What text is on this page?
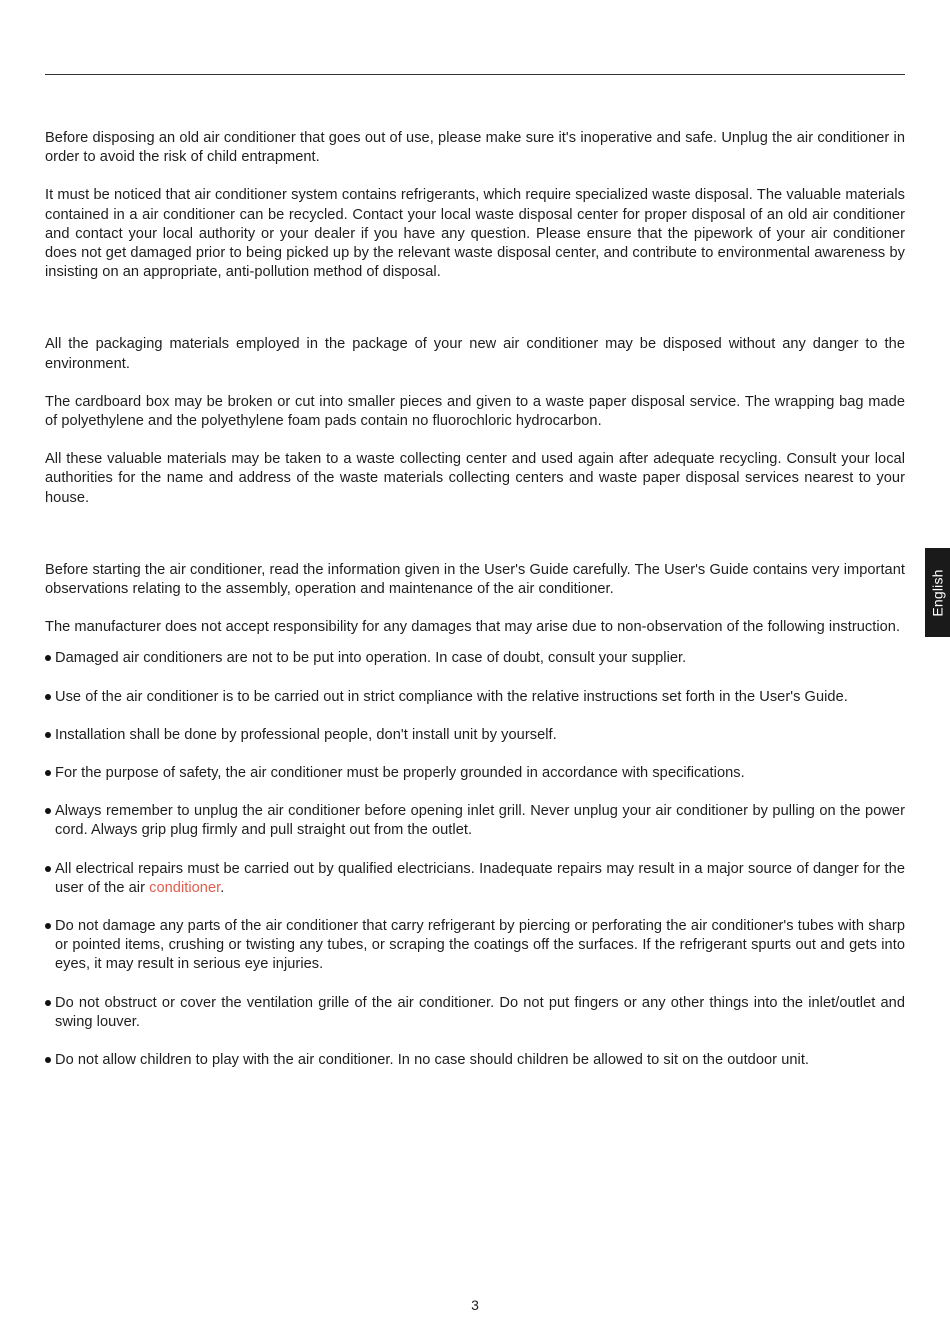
Before disposing an old air conditioner that goes out of use, please make sure it's inoperative and safe. Unplug the air conditioner in order to avoid the risk of child entrapment.

It must be noticed that air conditioner system contains refrigerants, which require specialized waste disposal. The valuable materials contained in a air conditioner can be recycled. Contact your local waste disposal center for proper disposal of an old air conditioner and contact your local authority or your dealer if you have any question. Please ensure that the pipework of your air conditioner does not get damaged prior to being picked up by the relevant waste disposal center, and contribute to environmental awareness by insisting on an appropriate, anti-pollution method of disposal.

All the packaging materials employed in the package of your new air conditioner may be disposed without any danger to the environment.

The cardboard box may be broken or cut into smaller pieces and given to a waste paper disposal service. The wrapping bag made of polyethylene and the polyethylene foam pads contain no fluorochloric hydrocarbon.

All these valuable materials may be taken to a waste collecting center and used again after adequate recycling. Consult your local authorities for the name and address of the waste materials collecting centers and waste paper disposal services nearest to your house.

Before starting the air conditioner, read the information given in the User's Guide carefully. The User's Guide contains very important observations relating to the assembly, operation and maintenance of the air conditioner.

The manufacturer does not accept responsibility for any damages that may arise due to non-observation of the following instruction.

Damaged air conditioners are not to be put into operation. In case of doubt, consult your supplier.
Use of the air conditioner is to be carried out in strict compliance with the relative instructions set forth in the User's Guide.
Installation shall be done by professional people, don't install unit by yourself.
For the purpose of safety, the air conditioner must be properly grounded in accordance with specifications.
Always remember to unplug the air conditioner before opening inlet grill. Never unplug your air conditioner by pulling on the power cord. Always grip plug firmly and pull straight out from the outlet.
All electrical repairs must be carried out by qualified electricians. Inadequate repairs may result in a major source of danger for the user of the air conditioner.
Do not damage any parts of the air conditioner that carry refrigerant by piercing or perforating the air conditioner's tubes with sharp or pointed items, crushing or twisting any tubes, or scraping the coatings off the surfaces. If the refrigerant spurts out and gets into eyes, it may result in serious eye injuries.
Do not obstruct or cover the ventilation grille of the air conditioner. Do not put fingers or any other things into the inlet/outlet and swing louver.
Do not allow children to play with the air conditioner. In no case should children be allowed to sit on the outdoor unit.
English
3
